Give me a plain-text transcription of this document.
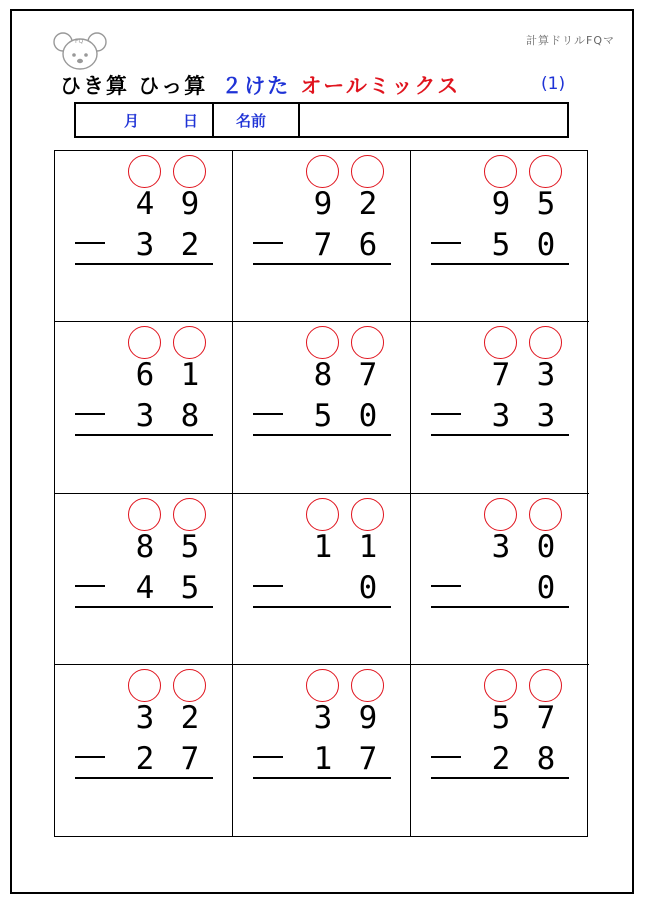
FQ	計算ドリルFQマ
ひき算 ひっ算 ２けた オールミックス	(1)
月	日	名前
4 9
3 2
9 2
7 6
9 5
5 0
6 1
3 8
8 7
5 0
7 3
3 3
8 5
4 5
1 1
0
3 0
0
3 2
2 7
3 9
1 7
5 7
2 8
